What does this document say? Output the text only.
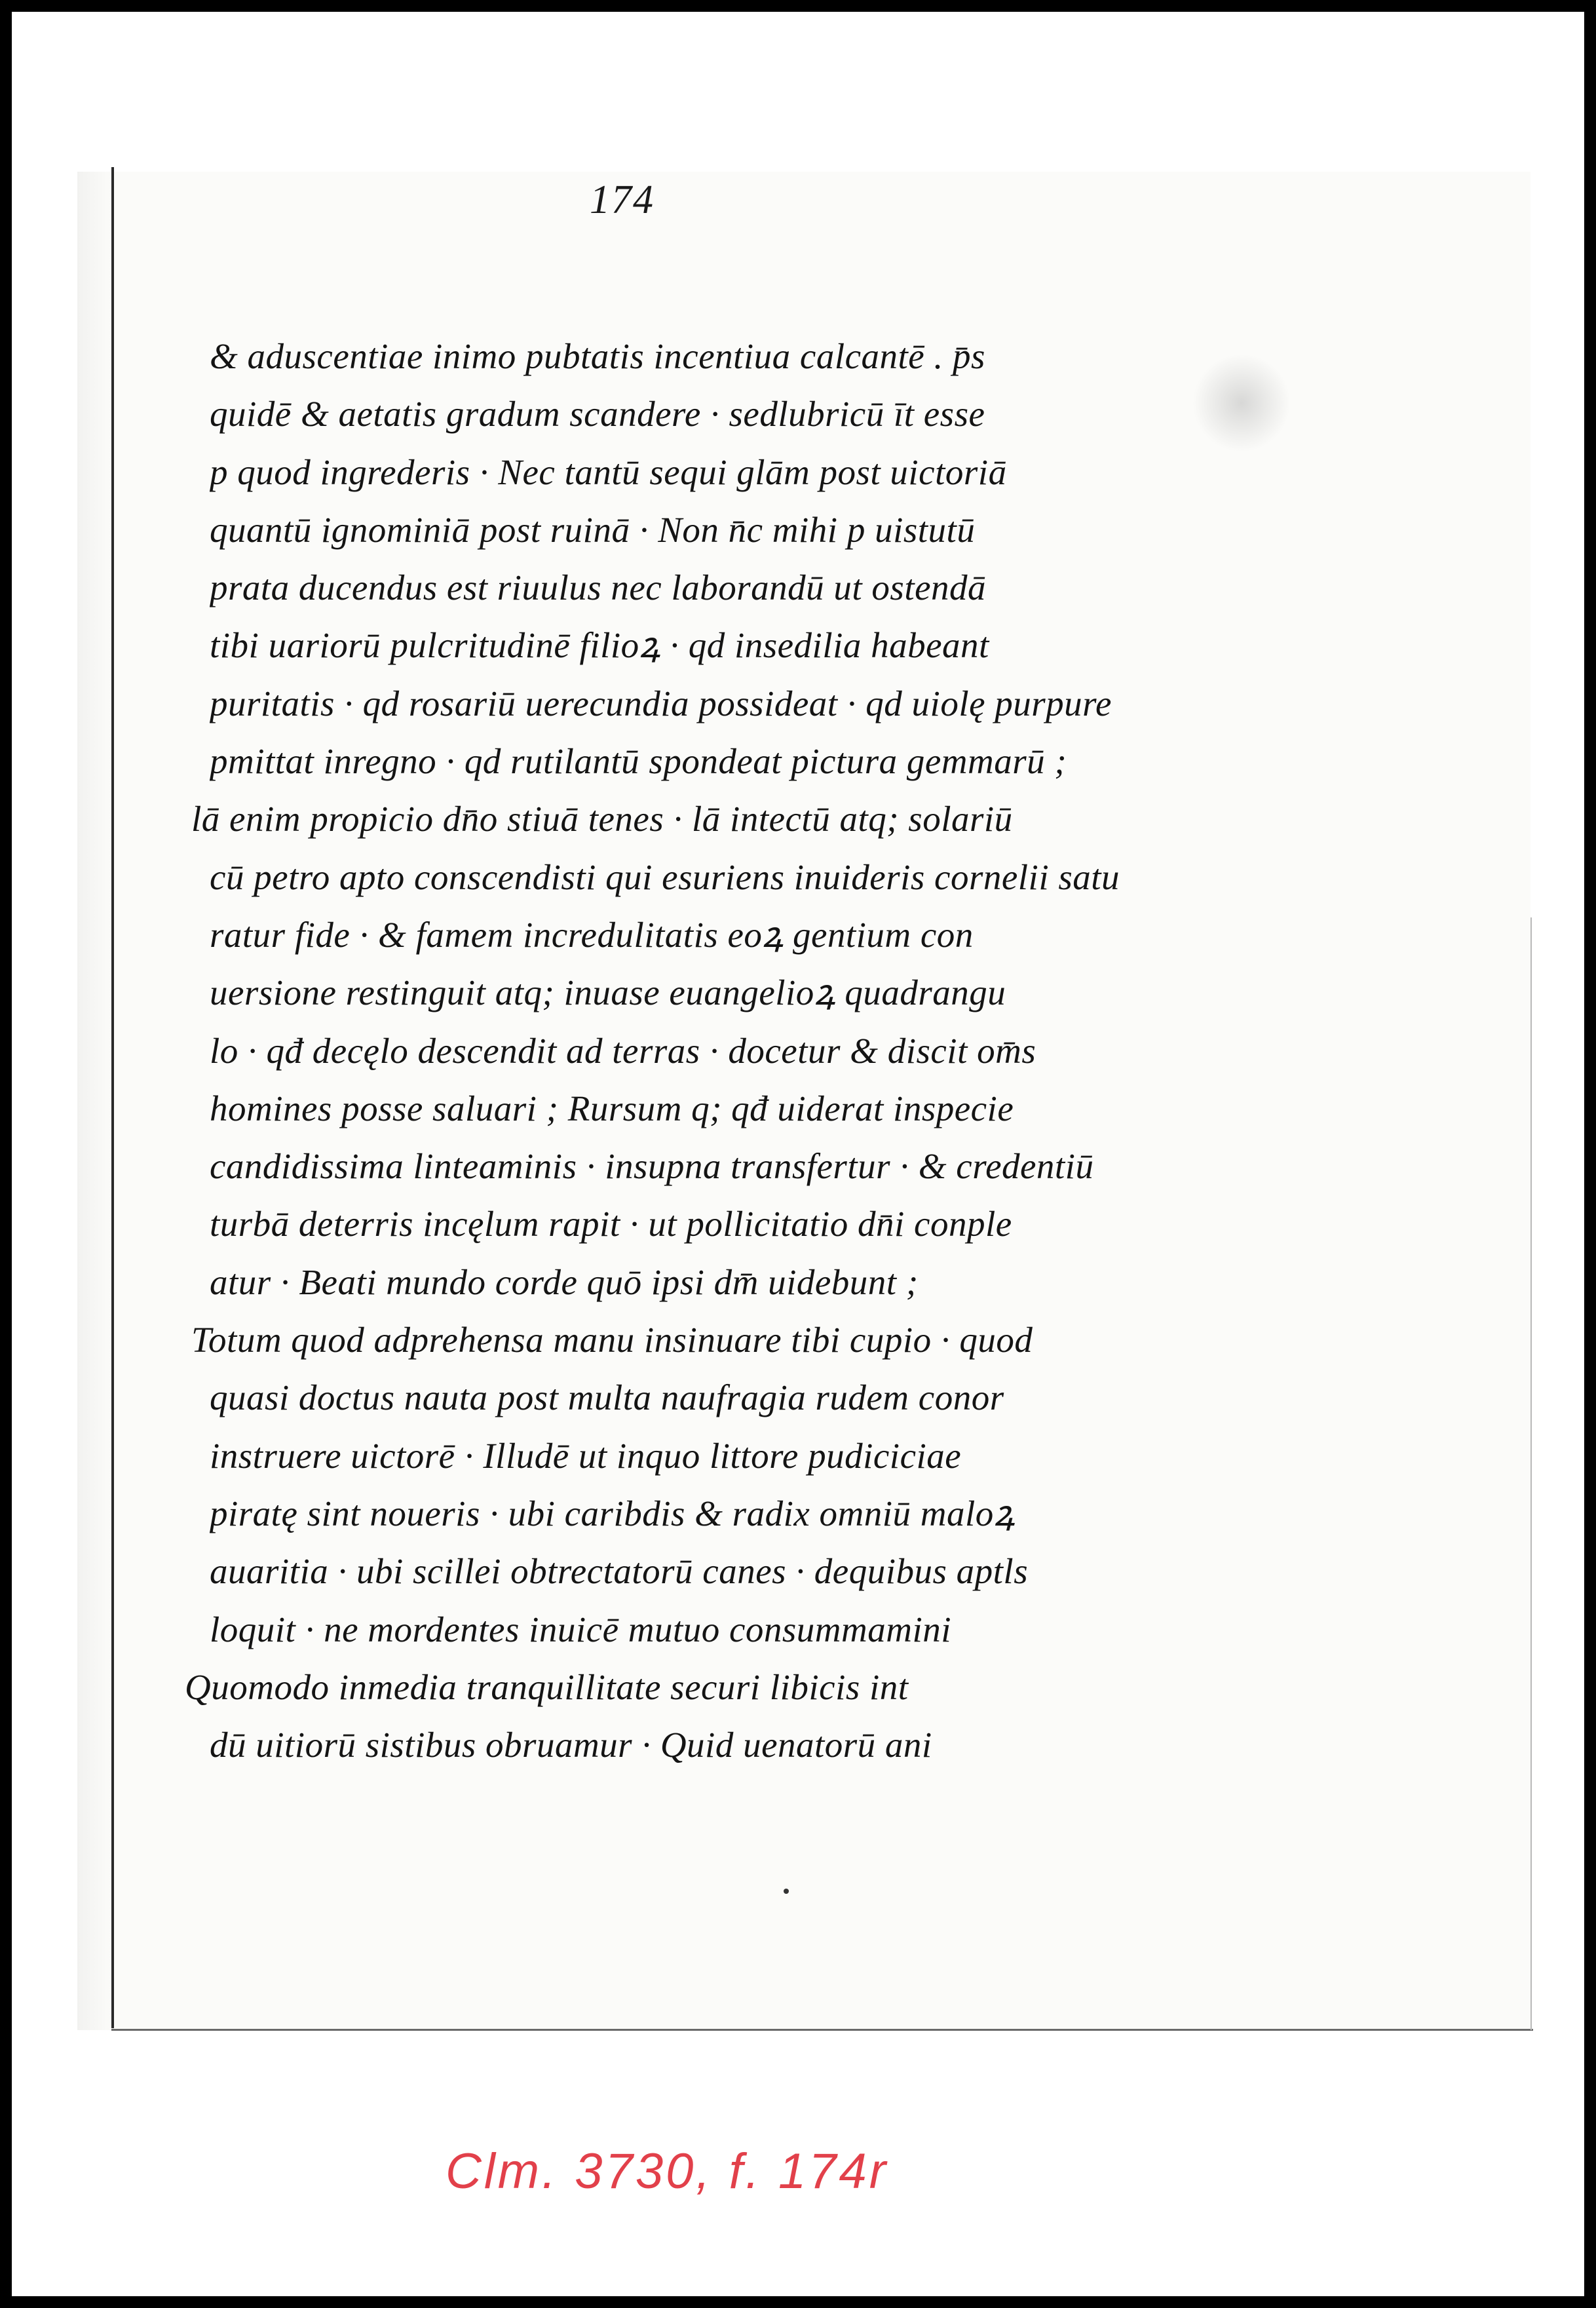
174
& aduscentiae inimo pubtatis incentiua calcantē . p̄s
quidē & aetatis gradum scandere · sedlubricū īt esse
p quod ingrederis · Nec tantū sequi glām post uictoriā
quantū ignominiā post ruinā · Non n̄c mihi p uistutū
prata ducendus est riuulus nec laborandū ut ostendā
tibi uariorū pulcritudinē filioꝝ · qd insedilia habeant
puritatis · qd rosariū uerecundia possideat · qd uiolę purpure
pmittat inregno · qd rutilantū spondeat pictura gemmarū ;
lā enim propicio dn̄o stiuā tenes · lā intectū atq; solariū
cū petro apto conscendisti qui esuriens inuideris cornelii satu
ratur fide · & famem incredulitatis eoꝝ gentium con
uersione restinguit atq; inuase euangelioꝝ quadrangu
lo · qđ decęlo descendit ad terras · docetur & discit om̄s
homines posse saluari ; Rursum q; qđ uiderat inspecie
candidissima linteaminis · insupna transfertur · & credentiū
turbā deterris incęlum rapit · ut pollicitatio dn̄i conple
atur · Beati mundo corde quō ipsi dm̄ uidebunt ;
Totum quod adprehensa manu insinuare tibi cupio · quod
quasi doctus nauta post multa naufragia rudem conor
instruere uictorē · Illudē ut inquo littore pudiciciae
piratę sint noueris · ubi caribdis & radix omniū maloꝝ
auaritia · ubi scillei obtrectatorū canes · dequibus aptls
loquit · ne mordentes inuicē mutuo consummamini
Quomodo inmedia tranquillitate securi libicis int
dū uitiorū sistibus obruamur · Quid uenatorū ani
Clm. 3730, f. 174r
